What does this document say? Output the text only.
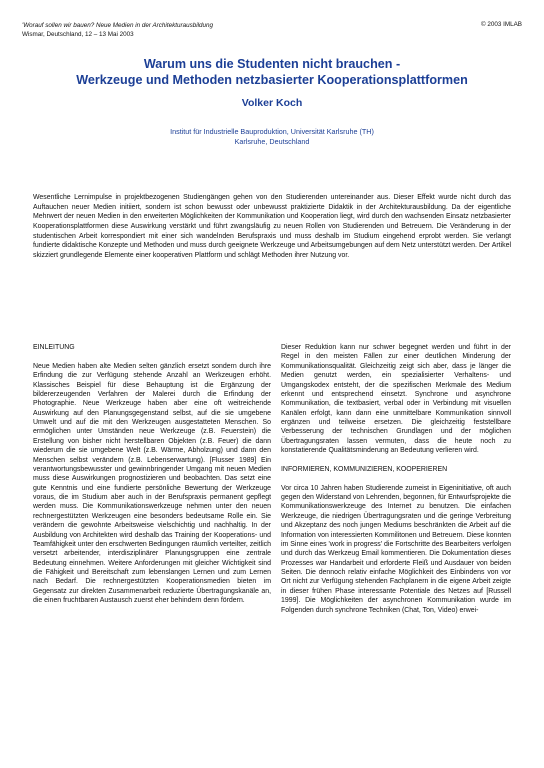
'Worauf sollen wir bauen? Neue Medien in der Architekturausbildung
Wismar, Deutschland, 12 – 13 Mai 2003
© 2003 IMLAB
Warum uns die Studenten nicht brauchen -
Werkzeuge und Methoden netzbasierter Kooperationsplattformen
Volker Koch
Institut für Industrielle Bauproduktion, Universität Karlsruhe (TH)
Karlsruhe, Deutschland
Wesentliche Lernimpulse in projektbezogenen Studiengängen gehen von den Studierenden untereinander aus. Dieser Effekt wurde nicht durch das Auftauchen neuer Medien initiiert, sondern ist schon bewusst oder unbewusst praktizierte Didaktik in der Architekturausbildung. Da der eigentliche Mehrwert der neuen Medien in den erweiterten Möglichkeiten der Kommunikation und Kooperation liegt, wird durch den wachsenden Einsatz netzbasierter Kooperationsplattformen diese Auswirkung verstärkt und führt zwangsläufig zu neuen Rollen von Studierenden und Betreuern. Die Veränderung in der studentischen Arbeit korrespondiert mit einer sich wandelnden Berufspraxis und muss deshalb im Studium eingehend erprobt werden. Sie verlangt fundierte didaktische Konzepte und Methoden und muss durch geeignete Werkzeuge und Arbeitsumgebungen auf dem Netz unterstützt werden. Der Artikel skizziert grundlegende Elemente einer kooperativen Plattform und schlägt Methoden ihrer Nutzung vor.

EINLEITUNG

Neue Medien haben alte Medien selten gänzlich ersetzt sondern durch ihre Erfindung die zur Verfügung stehende Anzahl an Werkzeugen erhöht. Klassisches Beispiel für diese Behauptung ist die Ergänzung der bildererzeugenden Verfahren der Malerei durch die Erfindung der Photographie. Neue Werkzeuge haben aber eine oft weitreichende Auswirkung auf den Planungsgegenstand selbst, auf die sie umgebene Umwelt und auf die mit den Werkzeugen ausgestatteten Menschen. So ermöglichen unter Umständen neue Werkzeuge (z.B. Feuerstein) die Erstellung von bisher nicht herstellbaren Objekten (z.B. Feuer) die dann wiederum die sie umgebene Welt (z.B. Wärme, Abholzung) und dann den Menschen selbst verändern (z.B. Lebenserwartung). [Flusser 1989] Ein verantwortungsbewusster und gewinnbringender Umgang mit neuen Medien muss diese Auswirkungen prognostizieren und beobachten. Das setzt eine gute Kenntnis und eine fundierte persönliche Bewertung der Werkzeuge voraus, die im Studium aber auch in der Berufspraxis permanent gepflegt werden muss. Die Kommunikationswerkzeuge nehmen unter den neuen rechnergestützten Werkzeugen eine besonders bedeutsame Rolle ein. Sie verändern die gewohnte Arbeitsweise vielschichtig und nachhaltig. In der Ausbildung von Architekten wird deshalb das Training der Kooperations- und Teamfähigkeit unter den erschwerten Bedingungen räumlich verteilter, zeitlich versetzt arbeitender, interdisziplinärer Planungsgruppen eine zentrale Bedeutung einnehmen. Weitere Anforderungen mit gleicher Wichtigkeit sind die Fähigkeit und Bereitschaft zum lebenslangen Lernen und zum Lernen nach Bedarf. Die rechnergestützten Kooperationsmedien bieten im Gegensatz zur direkten Zusammenarbeit reduzierte Übertragungskanäle an, die einen fruchtbaren Austausch zuerst eher behindern denn fördern.

Dieser Reduktion kann nur schwer begegnet werden und führt in der Regel in den meisten Fällen zur einer deutlichen Minderung der Kommunikationsqualität. Gleichzeitig zeigt sich aber, dass je länger die Medien genutzt werden, ein spezialisierter Verhaltens- und Umgangskodex entsteht, der die spezifischen Merkmale des Medium erkennt und entsprechend einsetzt. Synchrone und asynchrone Kommunikation, die textbasiert, verbal oder in Verbindung mit visuellen Kanälen erfolgt, kann dann eine unmittelbare Kommunikation sinnvoll ergänzen und teilweise ersetzen. Die gleichzeitig feststellbare Verbesserung der technischen Grundlagen und der möglichen Übertragungsraten lassen vermuten, dass die heute noch zu konstatierende Qualitätsminderung an Bedeutung verlieren wird.

INFORMIEREN, KOMMUNIZIEREN, KOOPERIEREN

Vor circa 10 Jahren haben Studierende zumeist in Eigeninitiative, oft auch gegen den Widerstand von Lehrenden, begonnen, für Entwurfsprojekte die Kommunikationswerkzeuge des Internet zu benutzen. Die einfachen Werkzeuge, die niedrigen Übertragungsraten und die geringe Verbreitung und Akzeptanz des noch jungen Mediums beschränkten die Arbeit auf die Information von interessierten Kommilitonen und Betreuern. Diese konnten im Sinne eines 'work in progress' die Fortschritte des Bearbeiters verfolgen und durch das Werkzeug Email kommentieren. Die Dokumentation dieses Prozesses war Handarbeit und erforderte Fleiß und Ausdauer von beiden Seiten. Die dennoch relativ einfache Möglichkeit des Einbindens von vor Ort nicht zur Verfügung stehenden Fachplanern in die eigene Arbeit zeigte in dieser frühen Phase interessante Potentiale des Netzes auf [Russell 1999]. Die Möglichkeiten der asynchronen Kommunikation wurde im Folgenden durch synchrone Techniken (Chat, Ton, Video) erwei-
